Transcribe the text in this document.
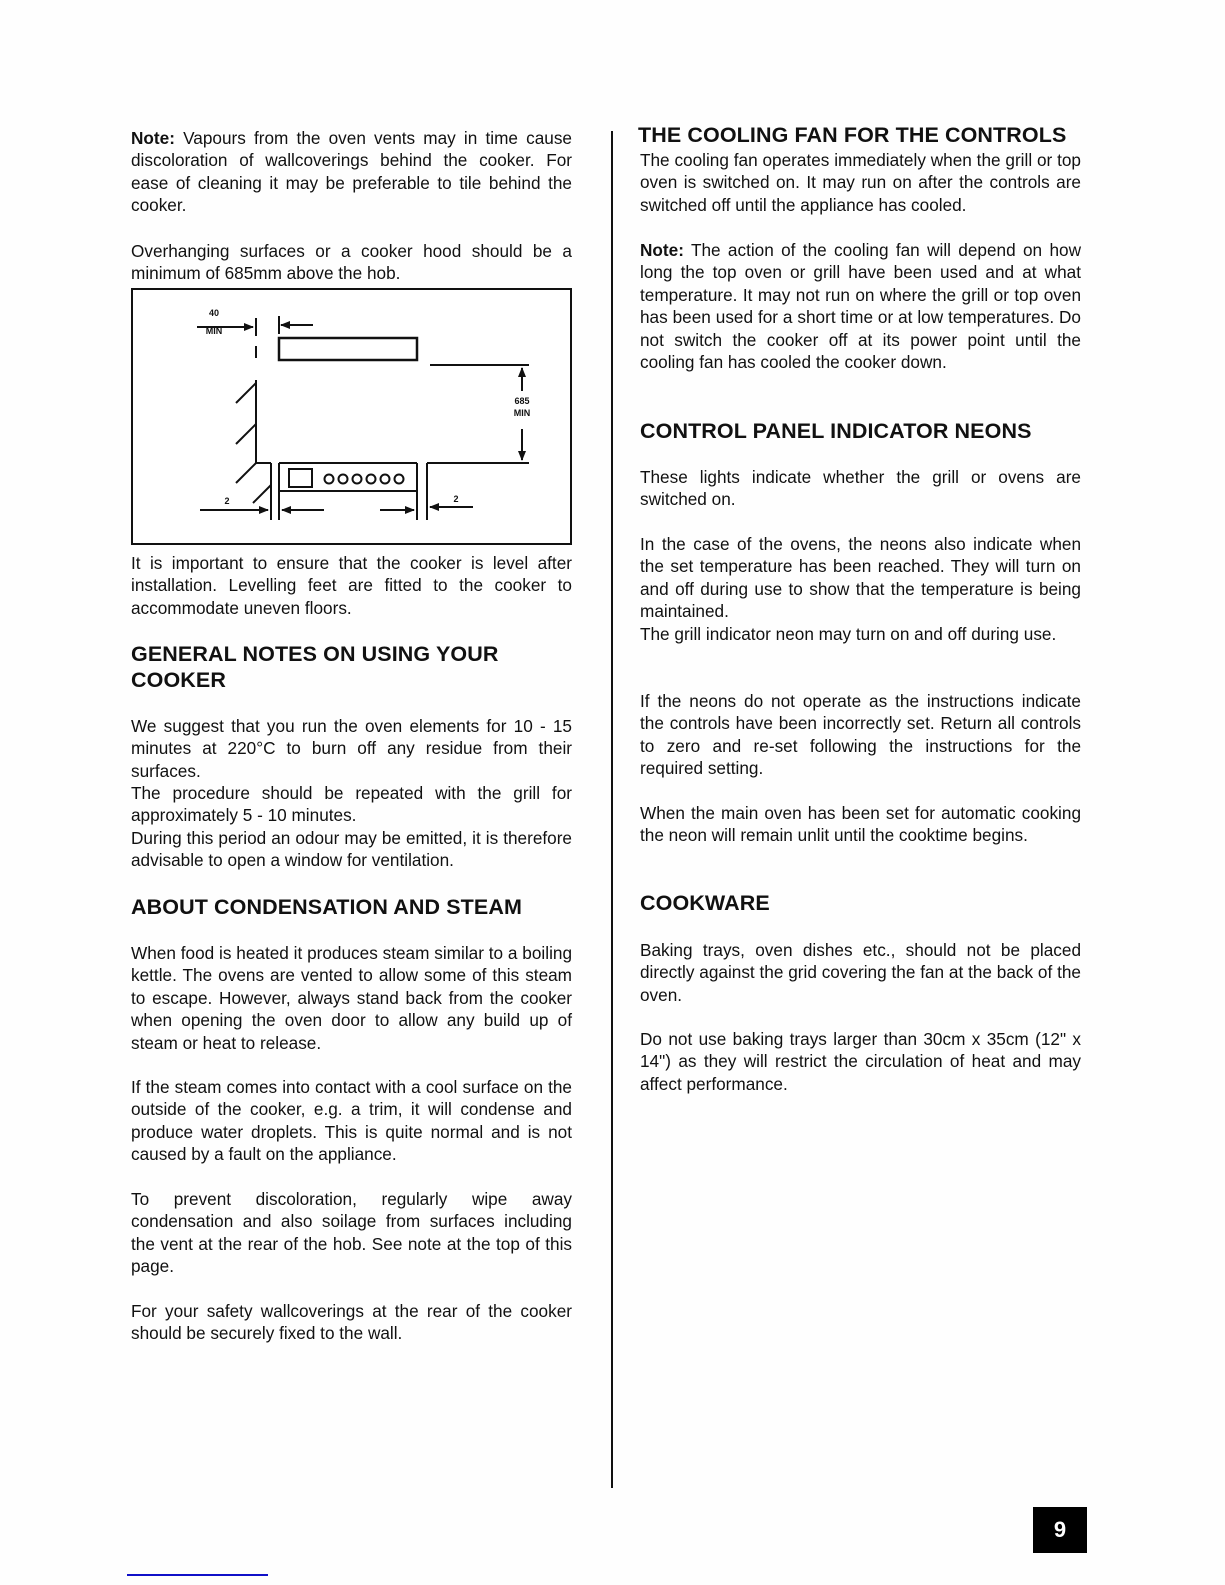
Note: Vapours from the oven vents may in time cause discoloration of wallcoverings behind the cooker. For ease of cleaning it may be preferable to tile behind the cooker.

Overhanging surfaces or a cooker hood should be a minimum of 685mm above the hob.

40
MIN
685
MIN
2	2

It is important to ensure that the cooker is level after installation. Levelling feet are fitted to the cooker to accommodate uneven floors.

GENERAL NOTES ON USING YOUR
COOKER

We suggest that you run the oven elements for 10 - 15 minutes at 220°C to burn off any residue from their surfaces.

The procedure should be repeated with the grill for approximately 5 - 10 minutes.

During this period an odour may be emitted, it is therefore advisable to open a window for ventilation.

ABOUT CONDENSATION AND STEAM

When food is heated it produces steam similar to a boiling kettle. The ovens are vented to allow some of this steam to escape. However, always stand back from the cooker when opening the oven door to allow any build up of steam or heat to release.

If the steam comes into contact with a cool surface on the outside of the cooker, e.g. a trim, it will condense and produce water droplets. This is quite normal and is not caused by a fault on the appliance.

To prevent discoloration, regularly wipe away condensation and also soilage from surfaces including the vent at the rear of the hob. See note at the top of this page.

For your safety wallcoverings at the rear of the cooker should be securely fixed to the wall.

THE COOLING FAN FOR THE CONTROLS

The cooling fan operates immediately when the grill or top oven is switched on. It may run on after the controls are switched off until the appliance has cooled.

Note: The action of the cooling fan will depend on how long the top oven or grill have been used and at what temperature. It may not run on where the grill or top oven has been used for a short time or at low temperatures. Do not switch the cooker off at its power point until the cooling fan has cooled the cooker down.

CONTROL PANEL INDICATOR NEONS

These lights indicate whether the grill or ovens are switched on.

In the case of the ovens, the neons also indicate when the set temperature has been reached. They will turn on and off during use to show that the temperature is being maintained.

The grill indicator neon may turn on and off during use.

If the neons do not operate as the instructions indicate the controls have been incorrectly set. Return all controls to zero and re-set following the instructions for the required setting.

When the main oven has been set for automatic cooking the neon will remain unlit until the cooktime begins.

COOKWARE

Baking trays, oven dishes etc., should not be placed directly against the grid covering the fan at the back of the oven.

Do not use baking trays larger than 30cm x 35cm (12" x 14") as they will restrict the circulation of heat and may affect performance.

9
